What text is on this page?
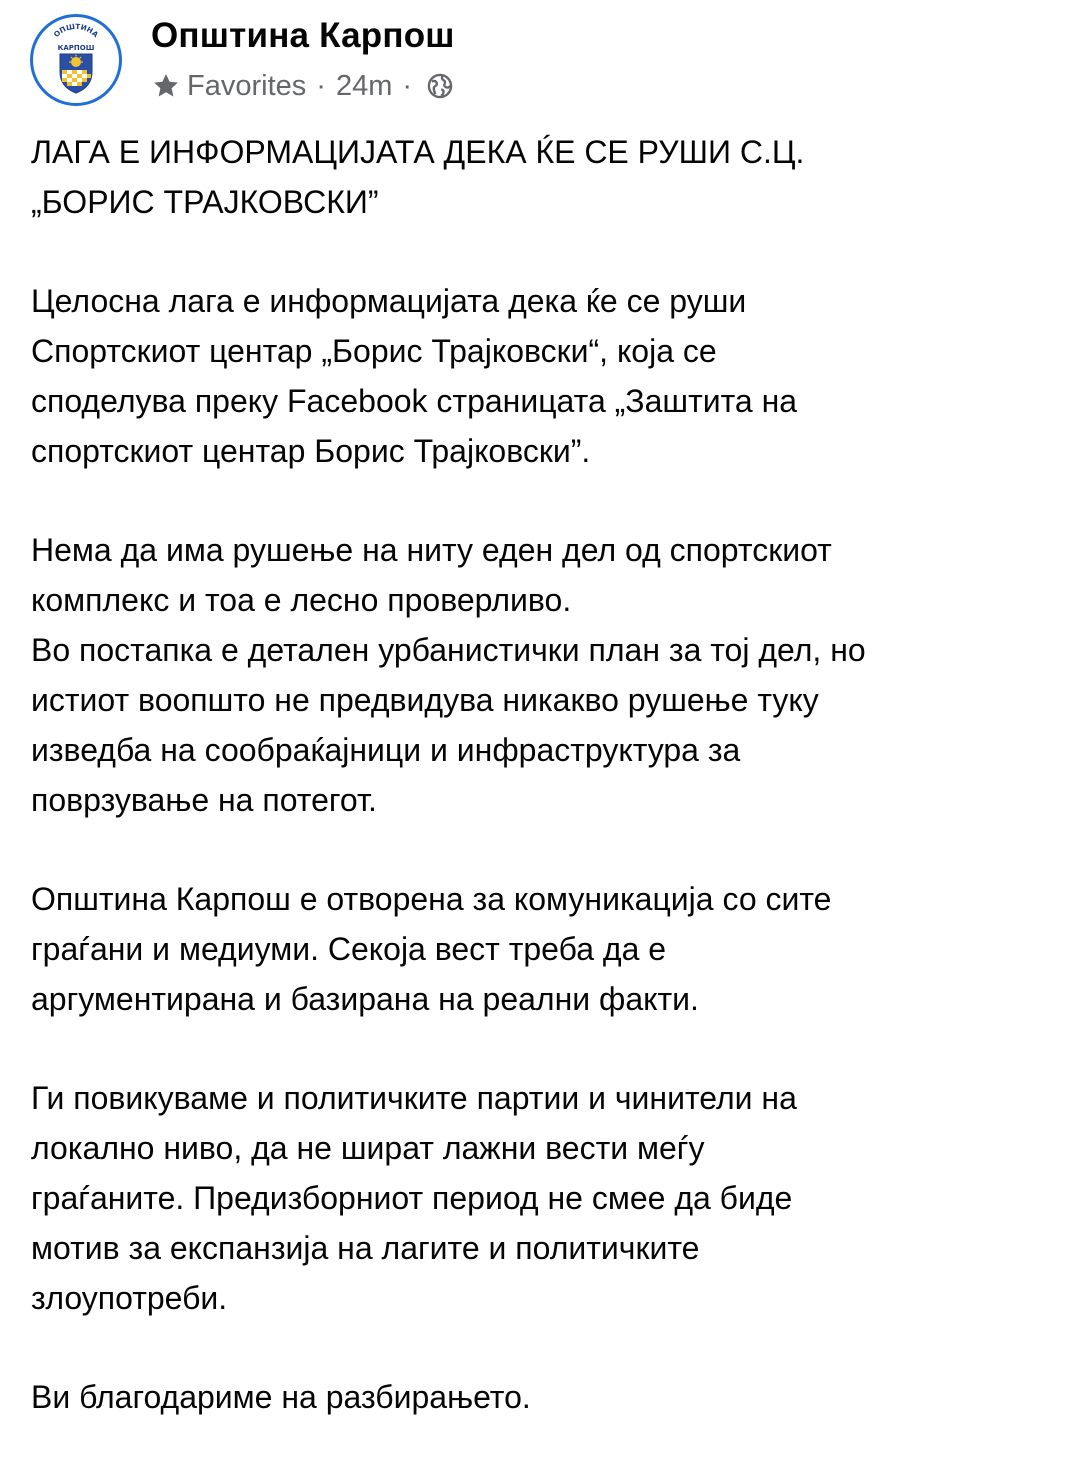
ОПШТИНА
КАРПОШ Општина Карпош
Favorites · 24m ·

ЛАГА Е ИНФОРМАЦИЈАТА ДЕКА ЌЕ СЕ РУШИ С.Ц.
„БОРИС ТРАЈКОВСКИ”

Целосна лага е информацијата дека ќе се руши
Спортскиот центар „Борис Трајковски“, која се
споделува преку Facebook страницата „Заштита на
спортскиот центар Борис Трајковски”.

Нема да има рушење на ниту еден дел од спортскиот
комплекс и тоа е лесно проверливо.

Во постапка е детален урбанистички план за тој дел, но
истиот воопшто не предвидува никакво рушење туку
изведба на сообраќајници и инфраструктура за
поврзување на потегот.

Општина Карпош е отворена за комуникација со сите
граѓани и медиуми. Секоја вест треба да е
аргументирана и базирана на реални факти.

Ги повикуваме и политичките партии и чинители на
локално ниво, да не шират лажни вести меѓу
граѓаните. Предизборниот период не смее да биде
мотив за експанзија на лагите и политичките
злоупотреби.

Ви благодариме на разбирањето.
